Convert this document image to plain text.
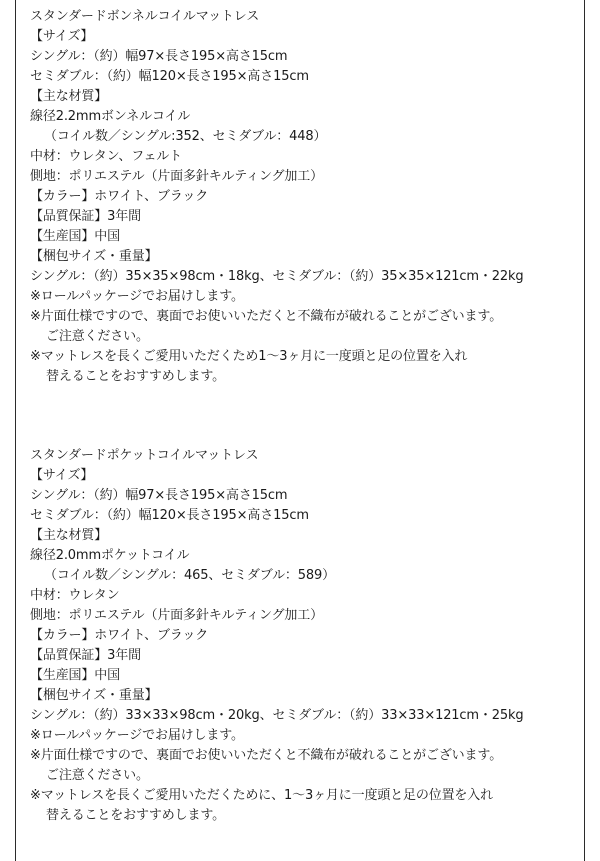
スタンダードボンネルコイルマットレス
【サイズ】
シングル：（約）幅97×長さ195×高さ15cm
セミダブル：（約）幅120×長さ195×高さ15cm
【主な材質】
線径2.2mmボンネルコイル
（コイル数／シングル:352、セミダブル：448）
中材：ウレタン、フェルト
側地：ポリエステル（片面多針キルティング加工）
【カラー】ホワイト、ブラック
【品質保証】3年間
【生産国】中国
【梱包サイズ・重量】
シングル：（約）35×35×98cm・18kg、セミダブル：（約）35×35×121cm・22kg
※ロールパッケージでお届けします。
※片面仕様ですので、裏面でお使いいただくと不織布が破れることがございます。
ご注意ください。
※マットレスを長くご愛用いただくため1〜3ヶ月に一度頭と足の位置を入れ
替えることをおすすめします。
スタンダードポケットコイルマットレス
【サイズ】
シングル：（約）幅97×長さ195×高さ15cm
セミダブル：（約）幅120×長さ195×高さ15cm
【主な材質】
線径2.0mmポケットコイル
（コイル数／シングル：465、セミダブル：589）
中材：ウレタン
側地：ポリエステル（片面多針キルティング加工）
【カラー】ホワイト、ブラック
【品質保証】3年間
【生産国】中国
【梱包サイズ・重量】
シングル：（約）33×33×98cm・20kg、セミダブル：（約）33×33×121cm・25kg
※ロールパッケージでお届けします。
※片面仕様ですので、裏面でお使いいただくと不織布が破れることがございます。
ご注意ください。
※マットレスを長くご愛用いただくために、1〜3ヶ月に一度頭と足の位置を入れ
替えることをおすすめします。
